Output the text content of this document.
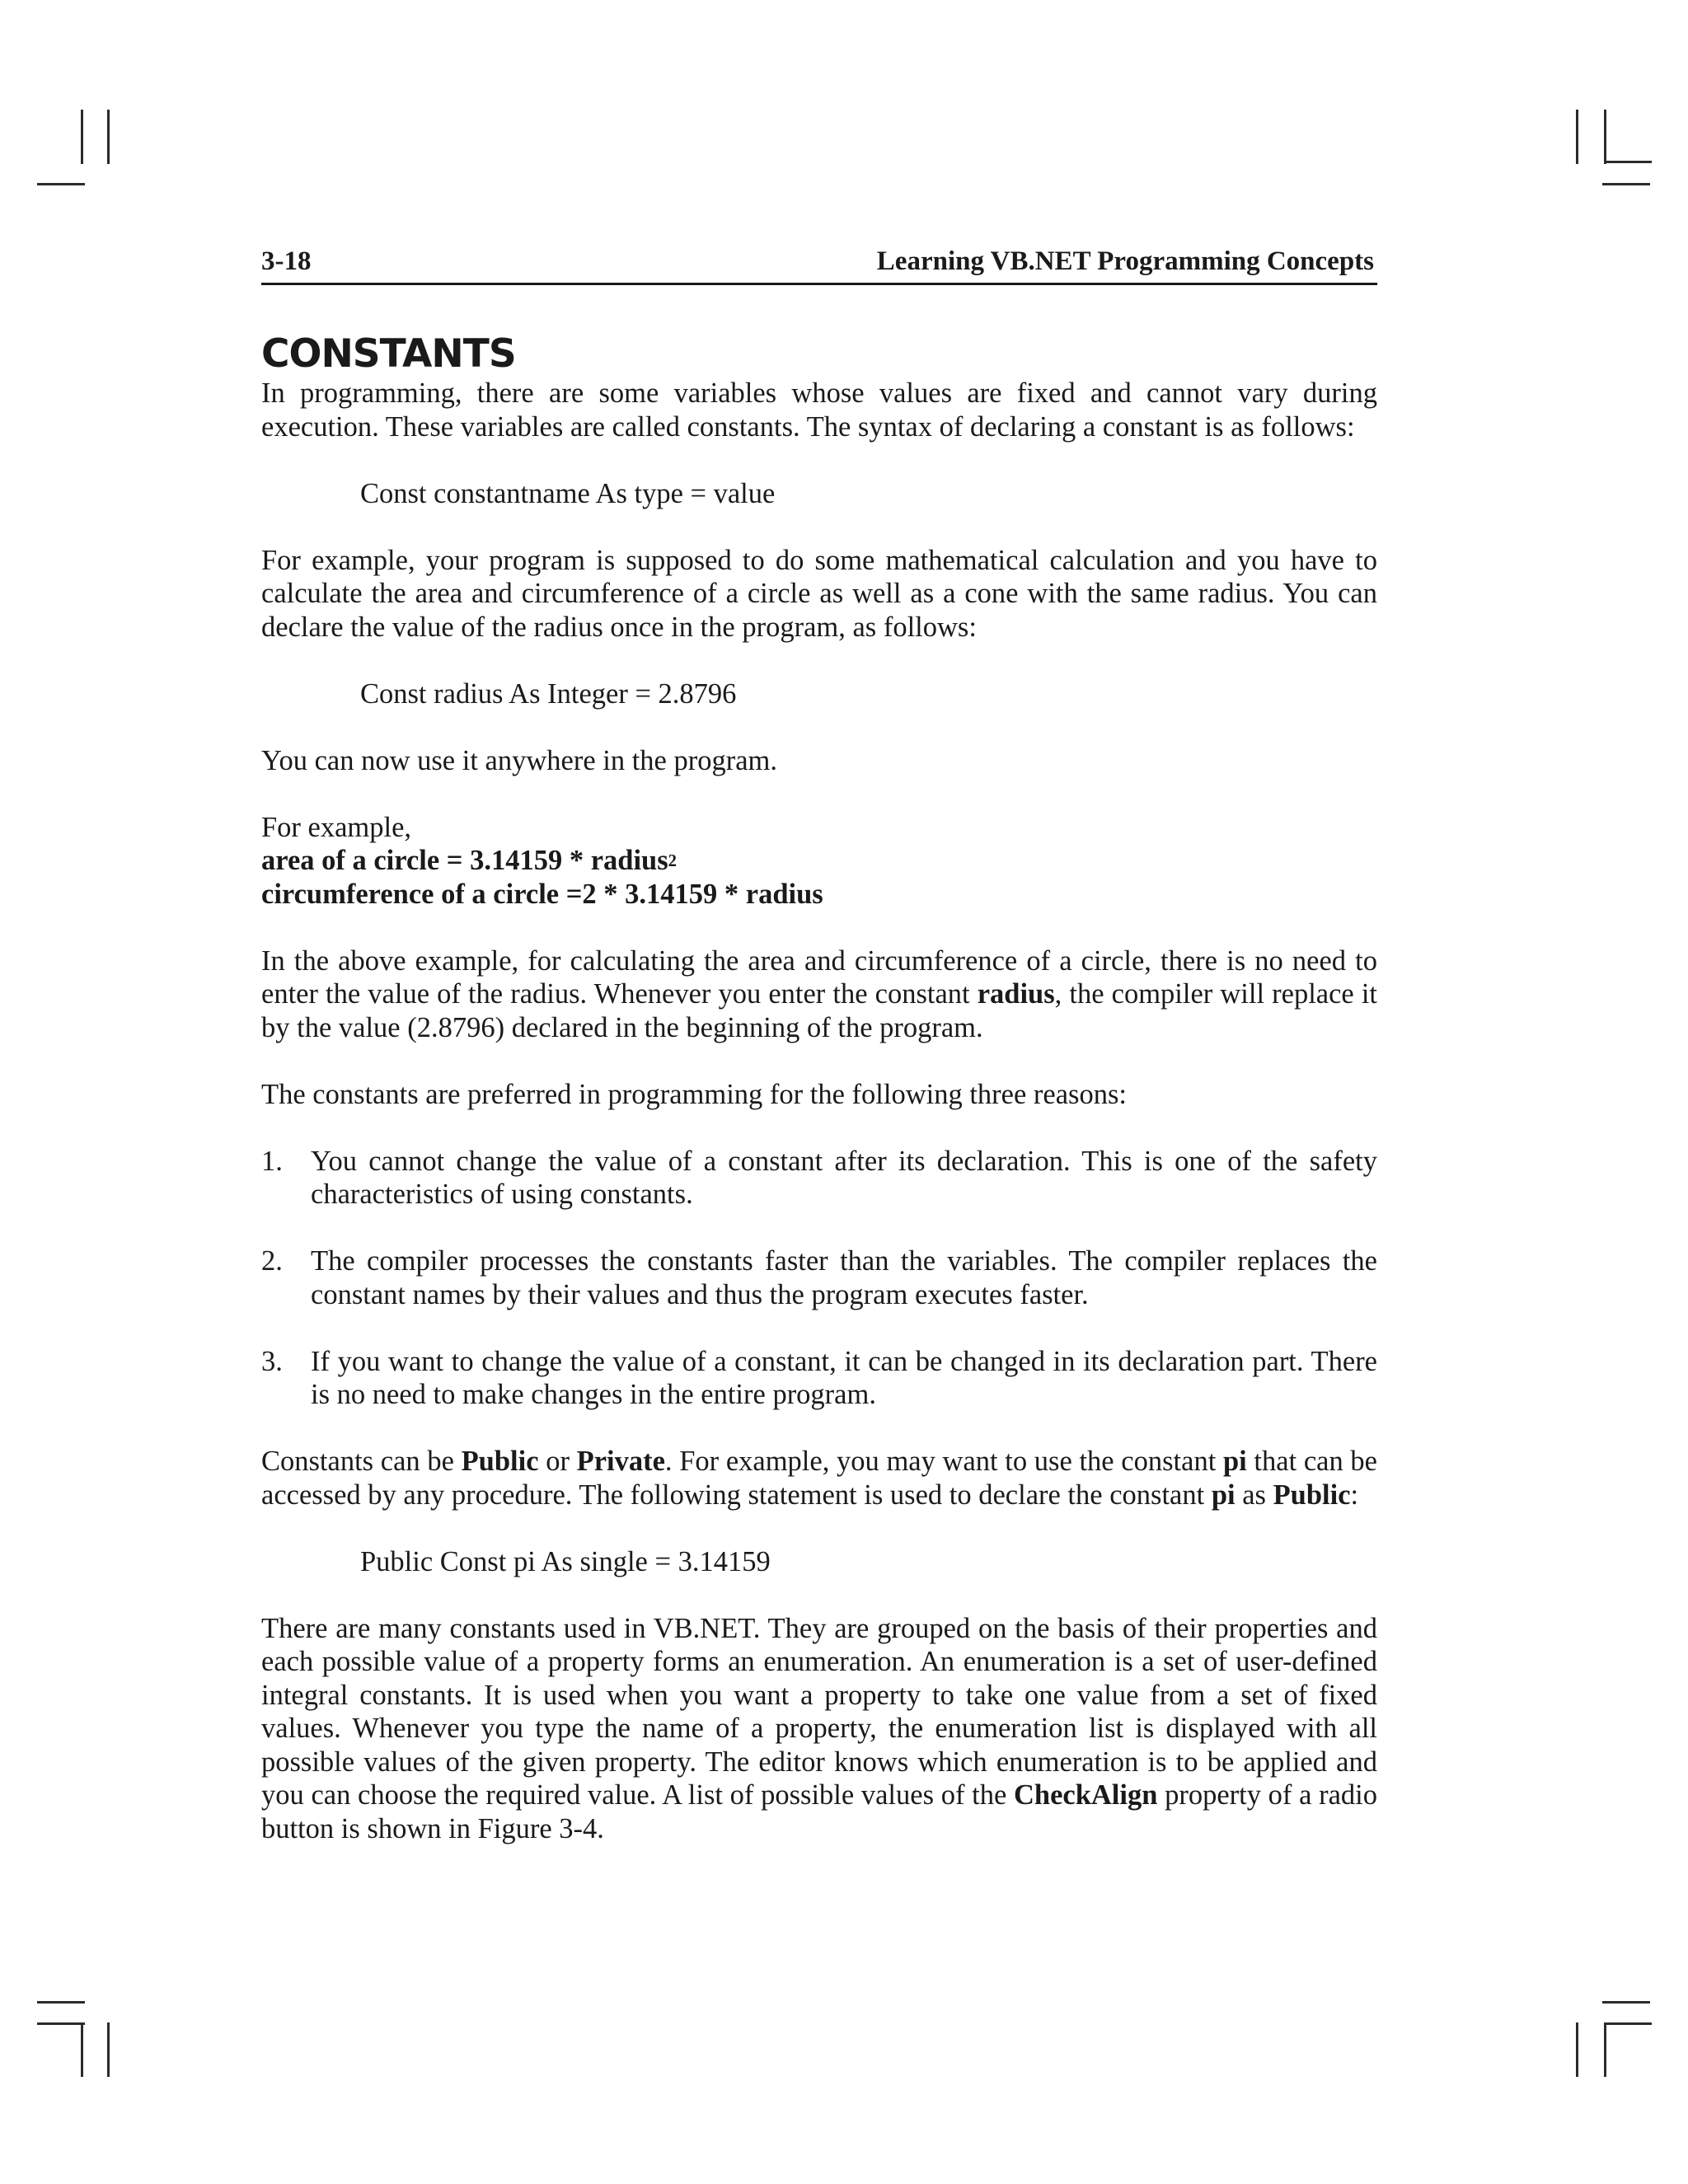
3-18	Learning VB.NET Programming Concepts
CONSTANTS

In programming, there are some variables whose values are fixed and cannot vary during execution. These variables are called constants. The syntax of declaring a constant is as follows:

Const constantname As type = value

For example, your program is supposed to do some mathematical calculation and you have to calculate the area and circumference of a circle as well as a cone with the same radius. You can declare the value of the radius once in the program, as follows:

Const radius As Integer = 2.8796

You can now use it anywhere in the program.

For example,

area of a circle = 3.14159 * radius$^2$

circumference of a circle =2 * 3.14159 * radius

In the above example, for calculating the area and circumference of a circle, there is no need to enter the value of the radius. Whenever you enter the constant radius, the compiler will replace it by the value (2.8796) declared in the beginning of the program.

The constants are preferred in programming for the following three reasons:

1. You cannot change the value of a constant after its declaration. This is one of the safety characteristics of using constants.
2. The compiler processes the constants faster than the variables. The compiler replaces the constant names by their values and thus the program executes faster.
3. If you want to change the value of a constant, it can be changed in its declaration part. There is no need to make changes in the entire program.

Constants can be Public or Private. For example, you may want to use the constant pi that can be accessed by any procedure. The following statement is used to declare the constant pi as Public:

Public Const pi As single = 3.14159

There are many constants used in VB.NET. They are grouped on the basis of their properties and each possible value of a property forms an enumeration. An enumeration is a set of user-defined integral constants. It is used when you want a property to take one value from a set of fixed values. Whenever you type the name of a property, the enumeration list is displayed with all possible values of the given property. The editor knows which enumeration is to be applied and you can choose the required value. A list of possible values of the CheckAlign property of a radio button is shown in Figure 3-4.
